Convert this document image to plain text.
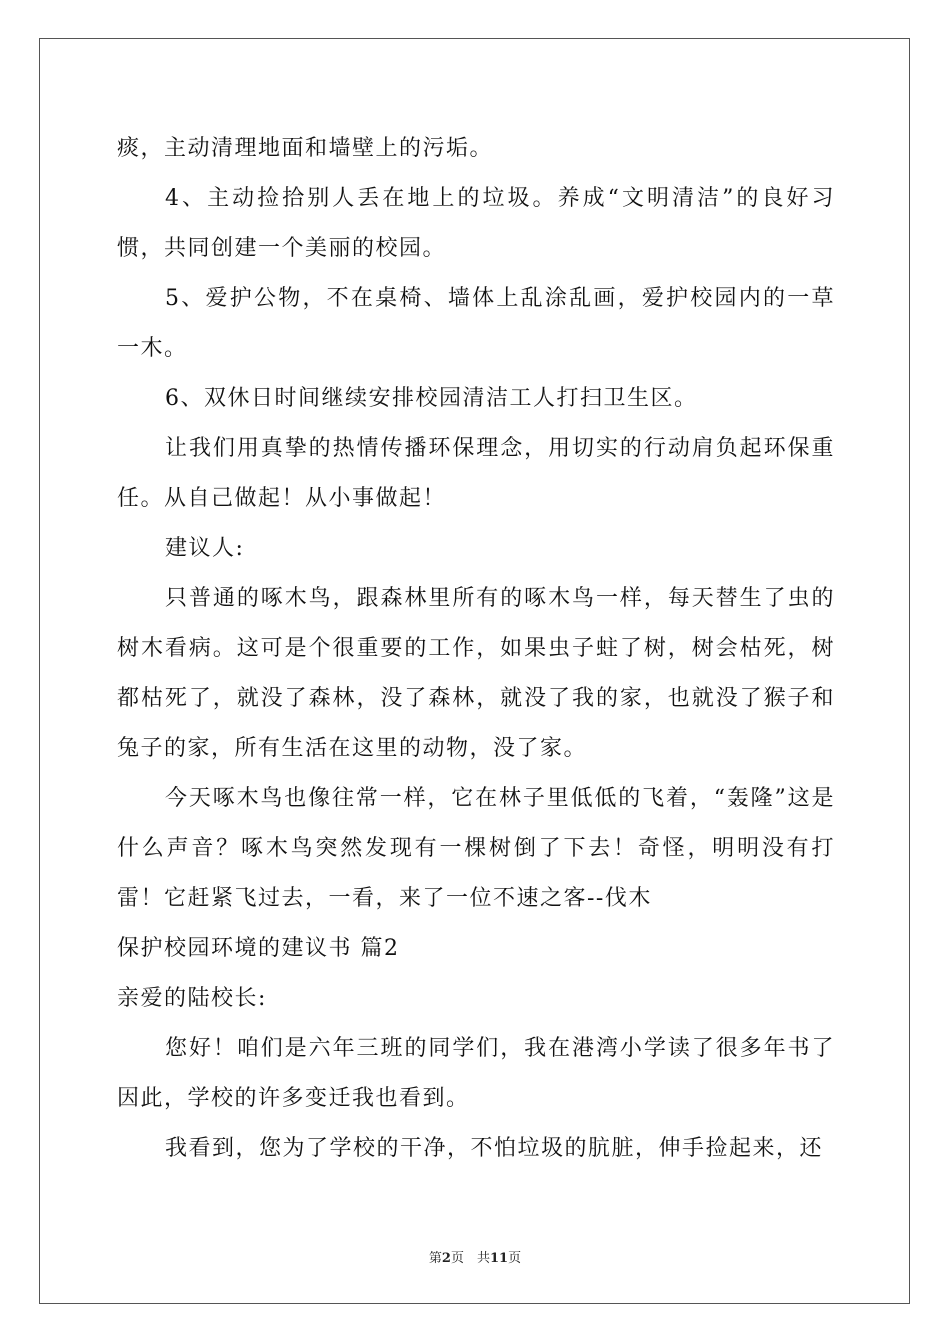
痰，主动清理地面和墙壁上的污垢。

4、主动捡拾别人丢在地上的垃圾。养成“文明清洁”的良好习惯，共同创建一个美丽的校园。

5、爱护公物，不在桌椅、墙体上乱涂乱画，爱护校园内的一草一木。

6、双休日时间继续安排校园清洁工人打扫卫生区。

让我们用真挚的热情传播环保理念，用切实的行动肩负起环保重任。从自己做起！从小事做起！

建议人:

只普通的啄木鸟，跟森林里所有的啄木鸟一样，每天替生了虫的树木看病。这可是个很重要的工作，如果虫子蛀了树，树会枯死，树都枯死了，就没了森林，没了森林，就没了我的家，也就没了猴子和兔子的家，所有生活在这里的动物，没了家。

今天啄木鸟也像往常一样，它在林子里低低的飞着，“轰隆”这是什么声音？啄木鸟突然发现有一棵树倒了下去！奇怪，明明没有打雷！它赶紧飞过去，一看，来了一位不速之客--伐木

保护校园环境的建议书 篇2

亲爱的陆校长:

您好！咱们是六年三班的同学们，我在港湾小学读了很多年书了因此，学校的许多变迁我也看到。

我看到，您为了学校的干净，不怕垃圾的肮脏，伸手捡起来，还

第2页　共11页
